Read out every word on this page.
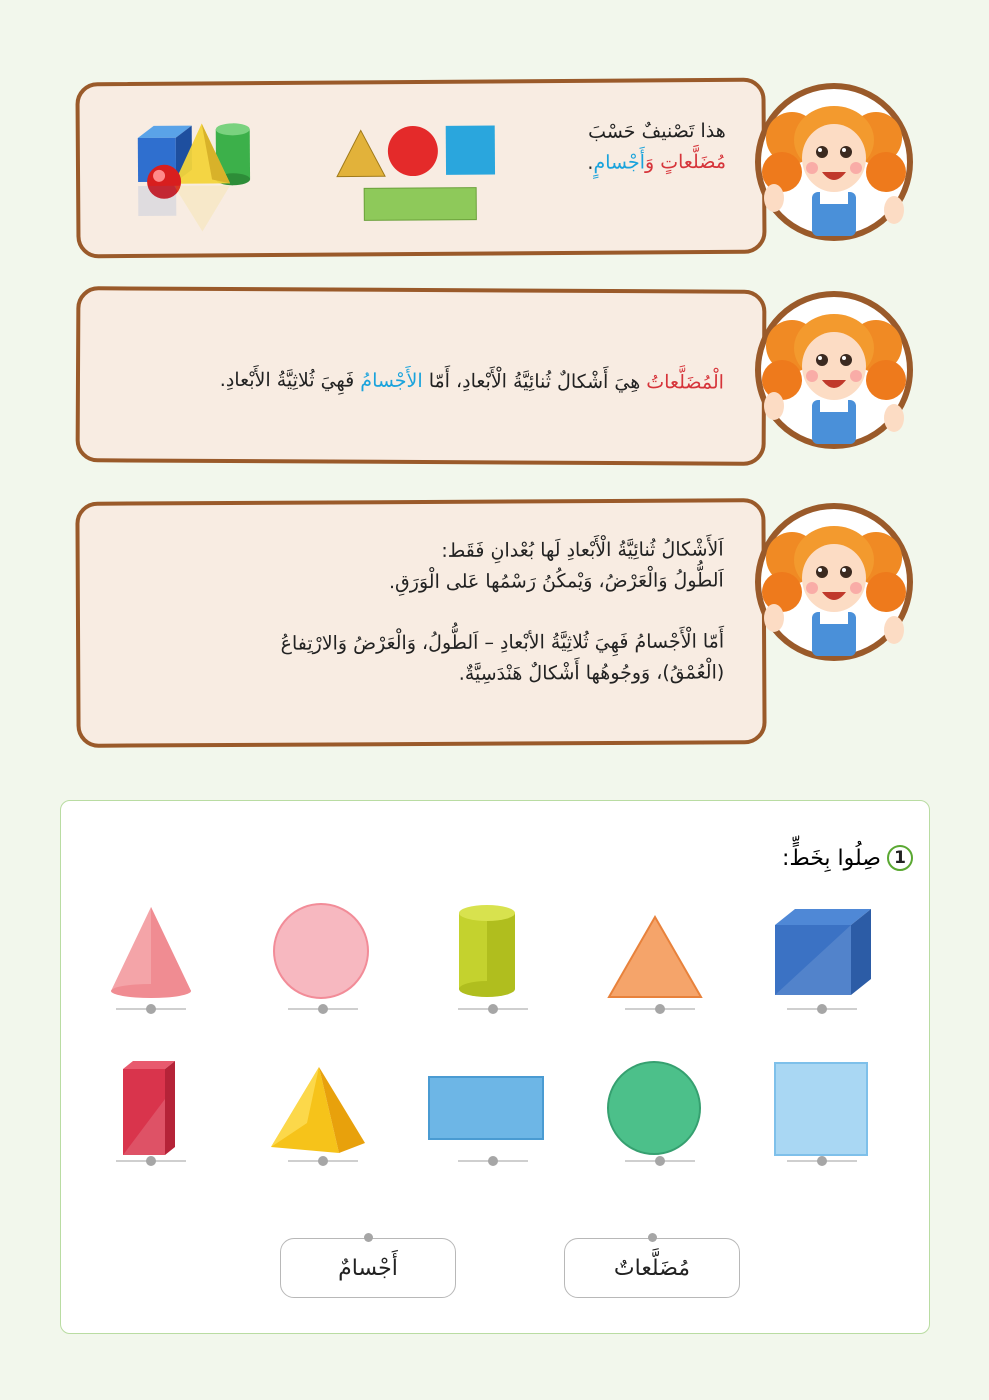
هذا تَصْنيفٌ حَسْبَ
مُضَلَّعاتٍ وَأَجْسامٍ.
الْمُضَلَّعاتُ هِيَ أَشْكالٌ ثُنائِيَّةُ الْأَبْعادِ، أَمّا الأَجْسامُ فَهِيَ ثُلاثِيَّةُ الأَبْعادِ.
اَلأَشْكالُ ثُنائِيَّةُ الْأَبْعادِ لَها بُعْدانِ فَقَط:
اَلطُّولُ وَالْعَرْضُ، وَيْمكُنُ رَسْمُها عَلى الْوَرَقِ.
أَمّا الْأَجْسامُ فَهِيَ ثُلاثِيَّةُ الأبْعادِ – اَلطُّولُ، وَالْعَرْضُ وَالارْتِفاعُ
(الْعُمْقُ)، وَوجُوهُها أَشْكالٌ هَنْدَسِيَّةٌ.
1
صِلُوا بِخَطٍّ:
أَجْسامٌ	مُضَلَّعاتٌ
